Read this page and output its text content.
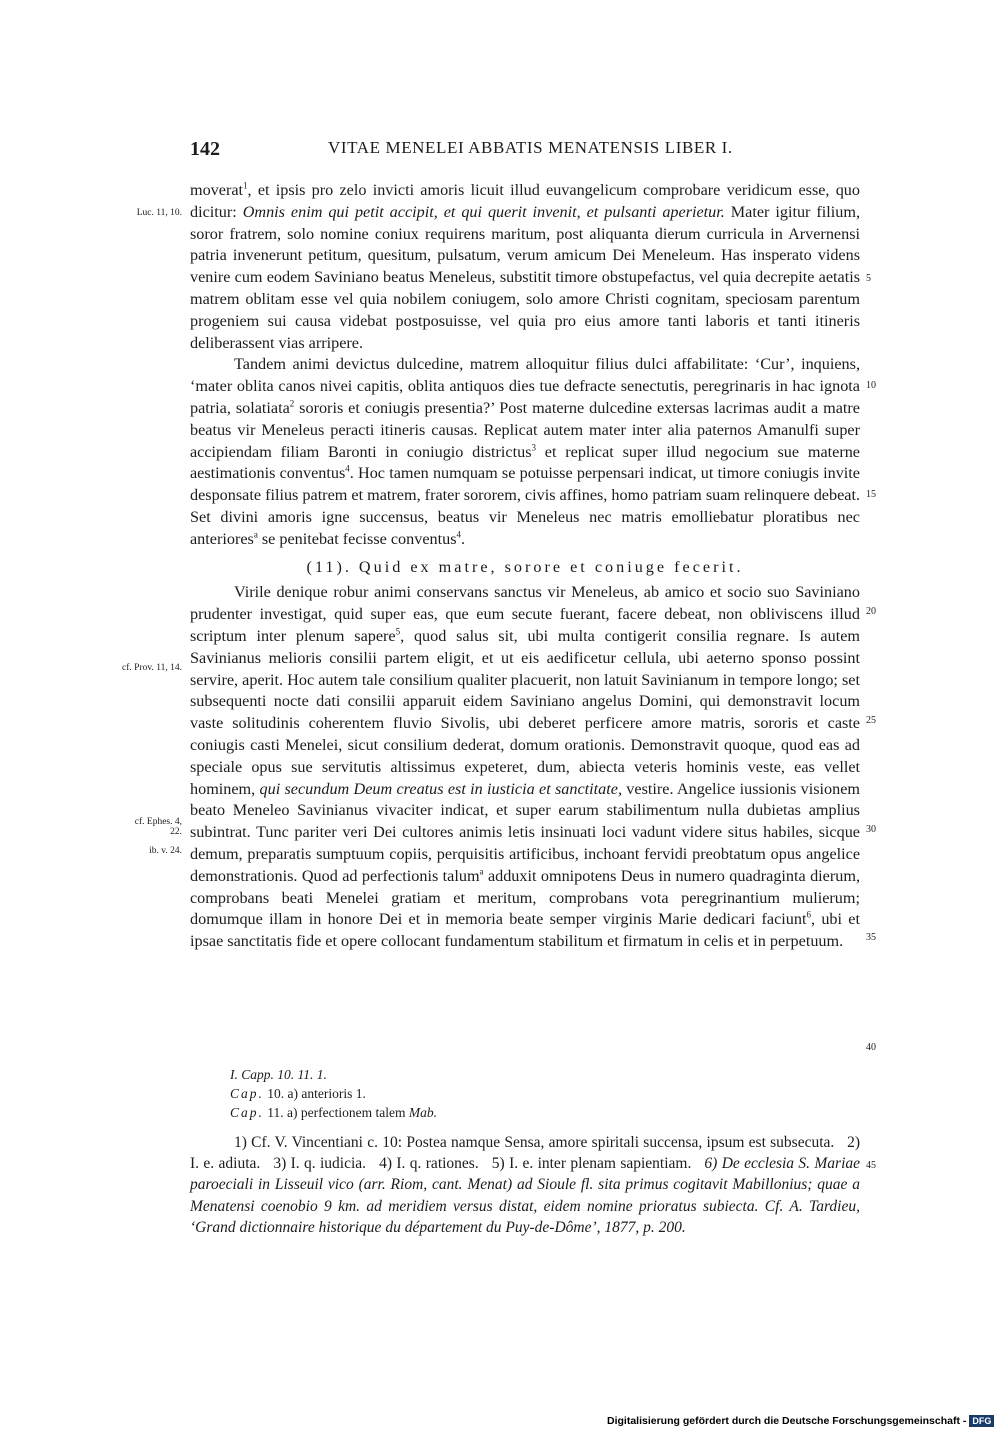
142	VITAE MENELEI ABBATIS MENATENSIS LIBER I.
Luc. 11, 10.
cf. Prov. 11, 14.
cf. Ephes. 4, 22.
ib. v. 24.
5
10
15
20
25
30
35
40
45

moverat$^1$, et ipsis pro zelo invicti amoris licuit illud euvangelicum comprobare veridicum esse, quo dicitur: Omnis enim qui petit accipit, et qui querit invenit, et pulsanti aperietur. Mater igitur filium, soror fratrem, solo nomine coniux requirens maritum, post aliquanta dierum curricula in Arvernensi patria invenerunt petitum, quesitum, pulsatum, verum amicum Dei Meneleum. Has insperato videns venire cum eodem Saviniano beatus Meneleus, substitit timore obstupefactus, vel quia decrepite aetatis matrem oblitam esse vel quia nobilem coniugem, solo amore Christi cognitam, speciosam parentum progeniem sui causa videbat postposuisse, vel quia pro eius amore tanti laboris et tanti itineris deliberassent vias arripere.

Tandem animi devictus dulcedine, matrem alloquitur filius dulci affabilitate: ‘Cur’, inquiens, ‘mater oblita canos nivei capitis, oblita antiquos dies tue defracte senectutis, peregrinaris in hac ignota patria, solatiata$^2$ sororis et coniugis presentia?’ Post materne dulcedine extersas lacrimas audit a matre beatus vir Meneleus peracti itineris causas. Replicat autem mater inter alia paternos Amanulfi super accipiendam filiam Baronti in coniugio districtus$^3$ et replicat super illud negocium sue materne aestimationis conventus$^4$. Hoc tamen numquam se potuisse perpensari indicat, ut timore coniugis invite desponsate filius patrem et matrem, frater sororem, civis affines, homo patriam suam relinquere debeat. Set divini amoris igne succensus, beatus vir Meneleus nec matris emolliebatur ploratibus nec anteriores$^a$ se penitebat fecisse conventus$^4$.

(11). Quid ex matre, sorore et coniuge fecerit.

Virile denique robur animi conservans sanctus vir Meneleus, ab amico et socio suo Saviniano prudenter investigat, quid super eas, que eum secute fuerant, facere debeat, non obliviscens illud scriptum inter plenum sapere$^5$, quod salus sit, ubi multa contigerit consilia regnare. Is autem Savinianus melioris consilii partem eligit, et ut eis aedificetur cellula, ubi aeterno sponso possint servire, aperit. Hoc autem tale consilium qualiter placuerit, non latuit Savinianum in tempore longo; set subsequenti nocte dati consilii apparuit eidem Saviniano angelus Domini, qui demonstravit locum vaste solitudinis coherentem fluvio Sivolis, ubi deberet perficere amore matris, sororis et caste coniugis casti Menelei, sicut consilium dederat, domum orationis. Demonstravit quoque, quod eas ad speciale opus sue servitutis altissimus expeteret, dum, abiecta veteris hominis veste, eas vellet hominem, qui secundum Deum creatus est in iusticia et sanctitate, vestire. Angelice iussionis visionem beato Meneleo Savinianus vivaciter indicat, et super earum stabilimentum nulla dubietas amplius subintrat. Tunc pariter veri Dei cultores animis letis insinuati loci vadunt videre situs habiles, sicque demum, preparatis sumptuum copiis, perquisitis artificibus, inchoant fervidi preobtatum opus angelice demonstrationis. Quod ad perfectionis talum$^a$ adduxit omnipotens Deus in numero quadraginta dierum, comprobans beati Menelei gratiam et meritum, comprobans vota peregrinantium mulierum; domumque illam in honore Dei et in memoria beate semper virginis Marie dedicari faciunt$^6$, ubi et ipsae sanctitatis fide et opere collocant fundamentum stabilitum et firmatum in celis et in perpetuum.

I. Capp. 10. 11. 1.
Cap. 10. a) anterioris 1.
Cap. 11. a) perfectionem talem Mab.

1) Cf. V. Vincentiani c. 10: Postea namque Sensa, amore spiritali succensa, ipsum est subsecuta. 2) I. e. adiuta. 3) I. q. iudicia. 4) I. q. rationes. 5) I. e. inter plenam sapientiam. 6) De ecclesia S. Mariae paroeciali in Lisseuil vico (arr. Riom, cant. Menat) ad Sioule fl. sita primus cogitavit Mabillonius; quae a Menatensi coenobio 9 km. ad meridiem versus distat, eidem nomine prioratus subiecta. Cf. A. Tardieu, ‘Grand dictionnaire historique du département du Puy-de-Dôme’, 1877, p. 200.

Digitalisierung gefördert durch die Deutsche Forschungsgemeinschaft - DFG
